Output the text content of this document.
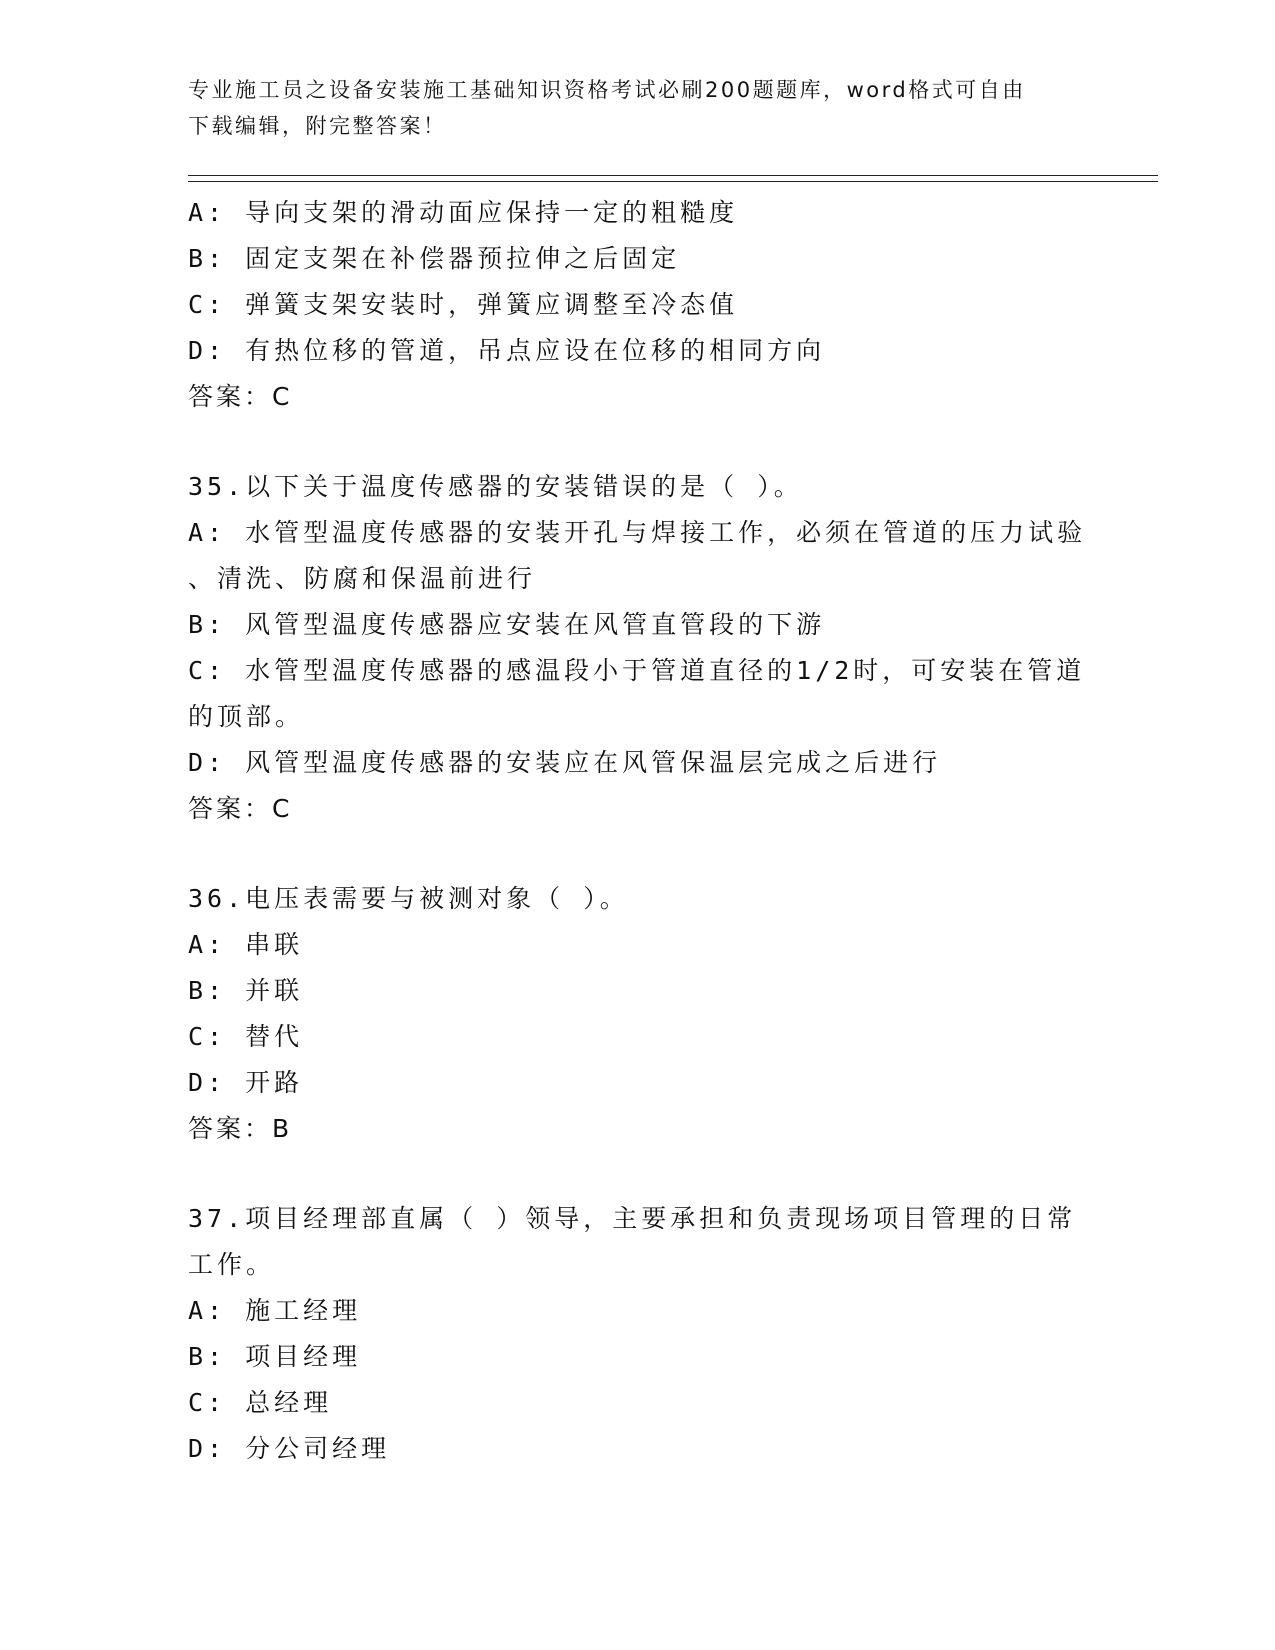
专业施工员之设备安装施工基础知识资格考试必刷200题题库，word格式可自由
下载编辑，附完整答案！
A: 导向支架的滑动面应保持一定的粗糙度
B: 固定支架在补偿器预拉伸之后固定
C: 弹簧支架安装时，弹簧应调整至冷态值
D: 有热位移的管道，吊点应设在位移的相同方向
答案：C
35.以下关于温度传感器的安装错误的是（ ）。
A: 水管型温度传感器的安装开孔与焊接工作，必须在管道的压力试验
、清洗、防腐和保温前进行
B: 风管型温度传感器应安装在风管直管段的下游
C: 水管型温度传感器的感温段小于管道直径的1/2时，可安装在管道
的顶部。
D: 风管型温度传感器的安装应在风管保温层完成之后进行
答案：C
36.电压表需要与被测对象（ ）。
A: 串联
B: 并联
C: 替代
D: 开路
答案：B
37.项目经理部直属（ ）领导，主要承担和负责现场项目管理的日常
工作。
A: 施工经理
B: 项目经理
C: 总经理
D: 分公司经理
